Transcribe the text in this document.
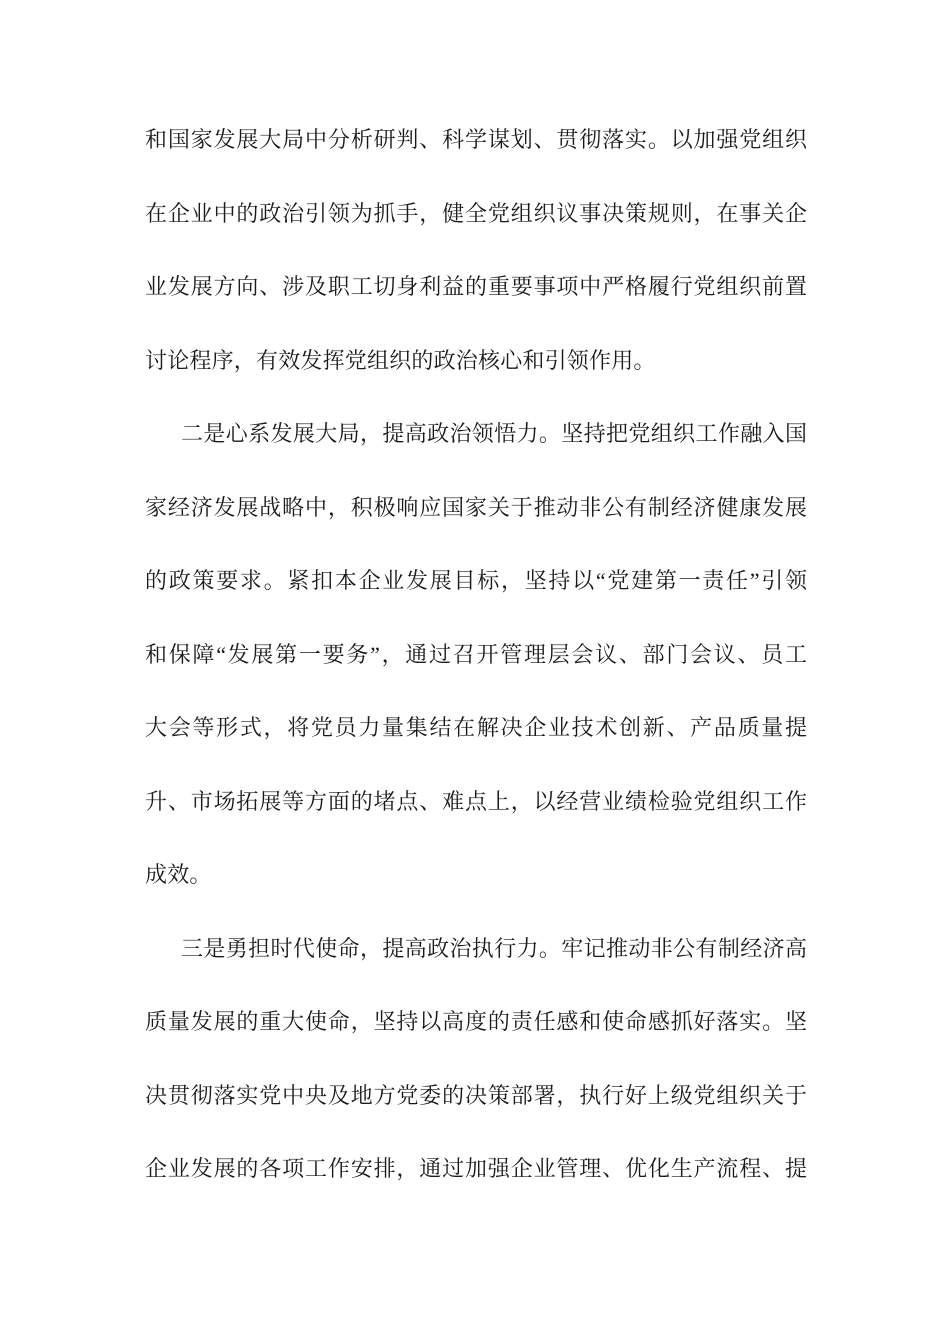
和国家发展大局中分析研判、科学谋划、贯彻落实。以加强党组织
在企业中的政治引领为抓手，健全党组织议事决策规则，在事关企
业发展方向、涉及职工切身利益的重要事项中严格履行党组织前置
讨论程序，有效发挥党组织的政治核心和引领作用。
二是心系发展大局，提高政治领悟力。坚持把党组织工作融入国
家经济发展战略中，积极响应国家关于推动非公有制经济健康发展
的政策要求。紧扣本企业发展目标，坚持以“党建第一责任”引领
和保障“发展第一要务”，通过召开管理层会议、部门会议、员工
大会等形式，将党员力量集结在解决企业技术创新、产品质量提
升、市场拓展等方面的堵点、难点上，以经营业绩检验党组织工作
成效。
三是勇担时代使命，提高政治执行力。牢记推动非公有制经济高
质量发展的重大使命，坚持以高度的责任感和使命感抓好落实。坚
决贯彻落实党中央及地方党委的决策部署，执行好上级党组织关于
企业发展的各项工作安排，通过加强企业管理、优化生产流程、提
